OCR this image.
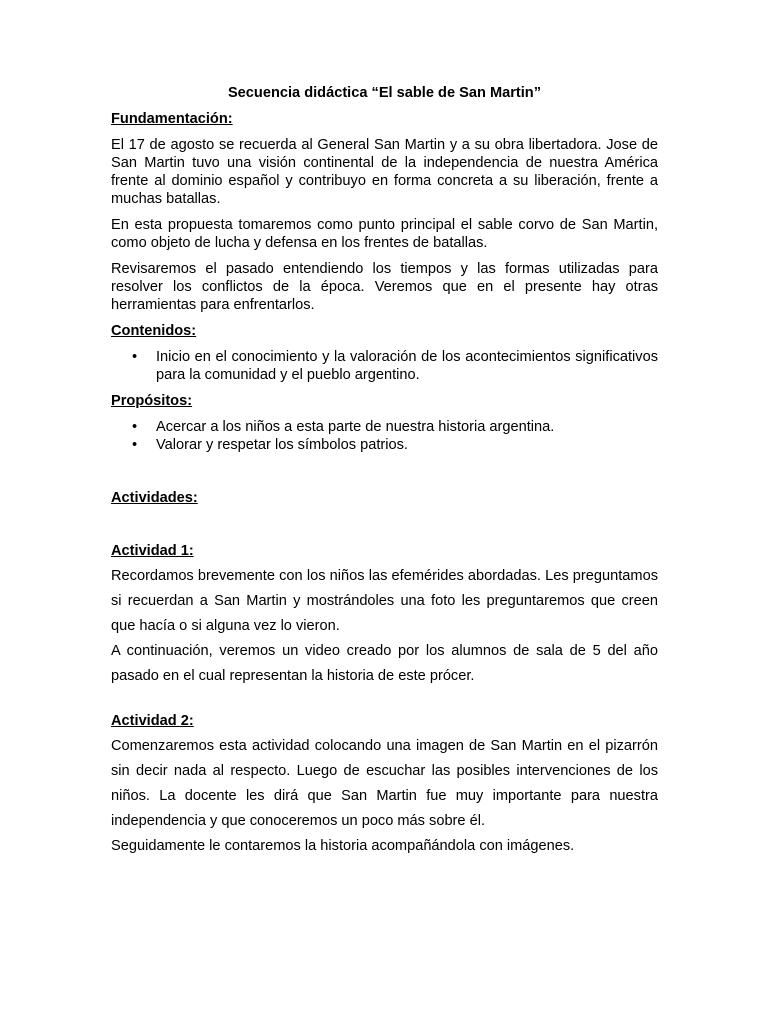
Secuencia didáctica “El sable de San Martin”
Fundamentación:

El 17 de agosto se recuerda al General San Martin y a su obra libertadora. Jose de San Martin tuvo una visión continental de la independencia de nuestra América frente al dominio español y contribuyo en forma concreta a su liberación, frente a muchas batallas.

En esta propuesta tomaremos como punto principal el sable corvo de San Martin, como objeto de lucha y defensa en los frentes de batallas.

Revisaremos el pasado entendiendo los tiempos y las formas utilizadas para resolver los conflictos de la época. Veremos que en el presente hay otras herramientas para enfrentarlos.

Contenidos:
• Inicio en el conocimiento y la valoración de los acontecimientos significativos para la comunidad y el pueblo argentino.
Propósitos:
• Acercar a los niños a esta parte de nuestra historia argentina.
• Valorar y respetar los símbolos patrios.
Actividades:
Actividad 1:

Recordamos brevemente con los niños las efemérides abordadas. Les preguntamos si recuerdan a San Martin y mostrándoles una foto les preguntaremos que creen que hacía o si alguna vez lo vieron.

A continuación, veremos un video creado por los alumnos de sala de 5 del año pasado en el cual representan la historia de este prócer.

Actividad 2:

Comenzaremos esta actividad colocando una imagen de San Martin en el pizarrón sin decir nada al respecto. Luego de escuchar las posibles intervenciones de los niños. La docente les dirá que San Martin fue muy importante para nuestra independencia y que conoceremos un poco más sobre él.

Seguidamente le contaremos la historia acompañándola con imágenes.
